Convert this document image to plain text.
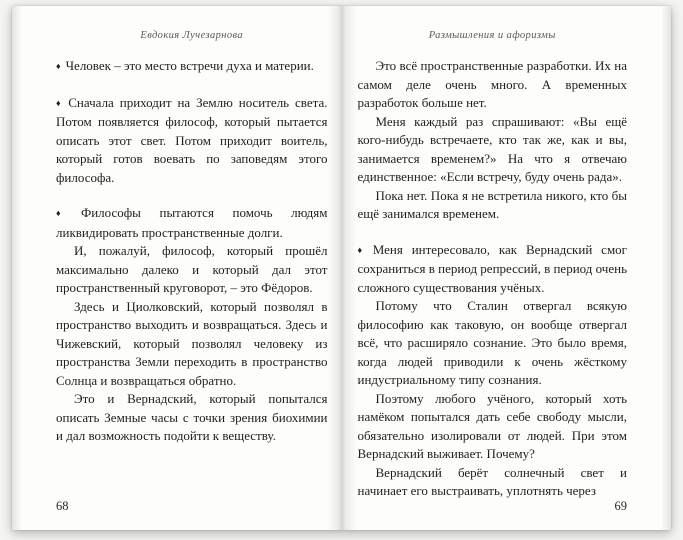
Евдокия Лучезарнова

♦ Человек – это место встречи духа и материи.

♦ Сначала приходит на Землю носитель света. Потом появляется философ, который пытается описать этот свет. Потом приходит воитель, который готов воевать по заповедям этого философа.

♦ Философы пытаются помочь людям ликвидировать пространственные долги.

И, пожалуй, философ, который прошёл максимально далеко и который дал этот пространственный круговорот, – это Фёдоров.

Здесь и Циолковский, который позволял в пространство выходить и возвращаться. Здесь и Чижевский, который позволял человеку из пространства Земли переходить в пространство Солнца и возвращаться обратно.

Это и Вернадский, который попытался описать Земные часы с точки зрения биохимии и дал возможность подойти к веществу.

68
Размышления и афоризмы

Это всё пространственные разработки. Их на самом деле очень много. А временных разработок больше нет.

Меня каждый раз спрашивают: «Вы ещё кого-нибудь встречаете, кто так же, как и вы, занимается временем?» На что я отвечаю единственное: «Если встречу, буду очень рада».

Пока нет. Пока я не встретила никого, кто бы ещё занимался временем.

♦ Меня интересовало, как Вернадский смог сохраниться в период репрессий, в период очень сложного существования учёных.

Потому что Сталин отвергал всякую философию как таковую, он вообще отвергал всё, что расширяло сознание. Это было время, когда людей приводили к очень жёсткому индустриальному типу сознания.

Поэтому любого учёного, который хоть намёком попытался дать себе свободу мысли, обязательно изолировали от людей. При этом Вернадский выживает. Почему?

Вернадский берёт солнечный свет и начинает его выстраивать, уплотнять через

69
